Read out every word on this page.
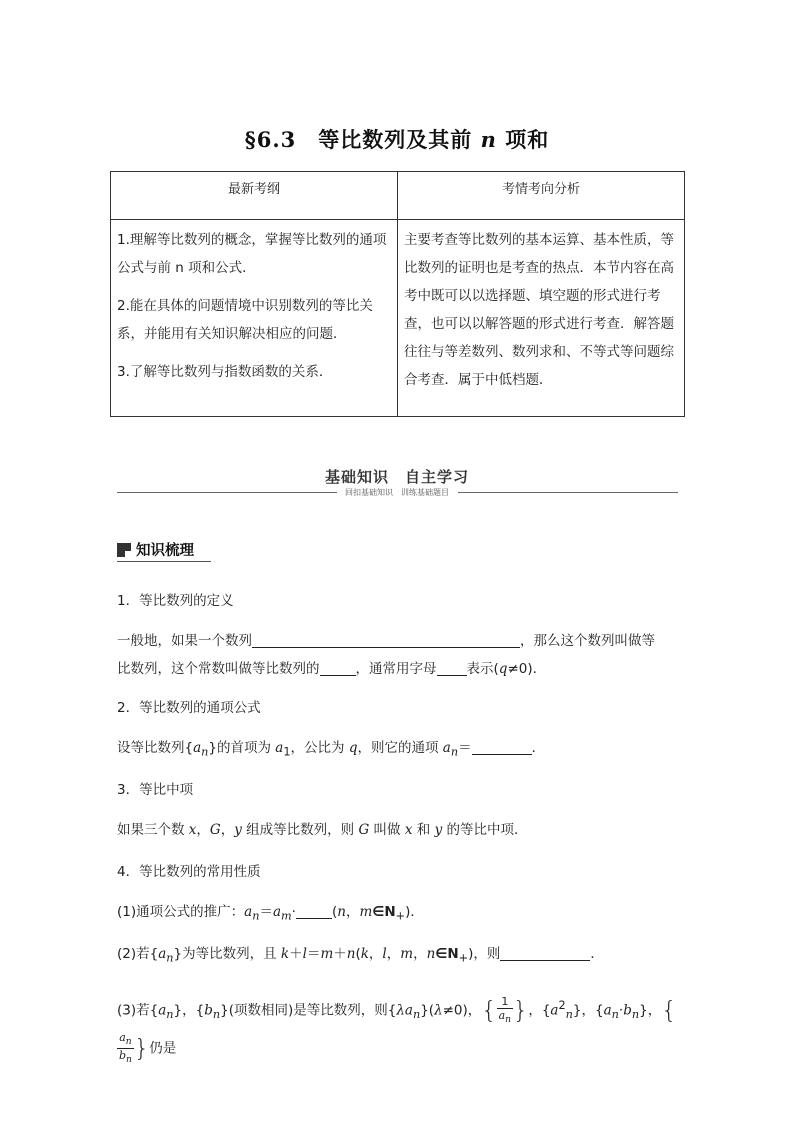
§6.3　等比数列及其前 n 项和
最新考纲	考情考向分析

1.理解等比数列的概念，掌握等比数列的通项公式与前 n 项和公式．

2.能在具体的问题情境中识别数列的等比关系，并能用有关知识解决相应的问题．

3.了解等比数列与指数函数的关系．	主要考查等比数列的基本运算、基本性质，等比数列的证明也是考查的热点．本节内容在高考中既可以以选择题、填空题的形式进行考查，也可以以解答题的形式进行考查．解答题往往与等差数列、数列求和、不等式等问题综合考查．属于中低档题．
基础知识　自主学习
回扣基础知识　训练基础题目
知识梳理
1．等比数列的定义
一般地，如果一个数列	，那么这个数列叫做等
比数列，这个常数叫做等比数列的	，通常用字母 表示(q≠0)．
2．等比数列的通项公式
设等比数列$\{a_n\}$的首项为 $a_1$，公比为 q，则它的通项 $a_n=$	．
3．等比中项
如果三个数 x，G，y 组成等比数列，则 G 叫做 x 和 y 的等比中项．
4．等比数列的常用性质
(1)通项公式的推广：$a_n=a_m\cdot$	(n，$m\in N_+$)．
(2)若$\{a_n\}$为等比数列，且 k＋l＝m＋n(k，l，m，$n\in N_+$)，则	．
(3)若$\{a_n\}$，$\{b_n\}$(项数相同)是等比数列，则$\{\lambda a_n\}(\lambda\ne 0)$，{ $\frac{1}{a_n}$ }，$\{a^2_n\}$，$\{a_n\cdot b_n\}$，{
$\frac{a_n}{b_n}$ }仍是
